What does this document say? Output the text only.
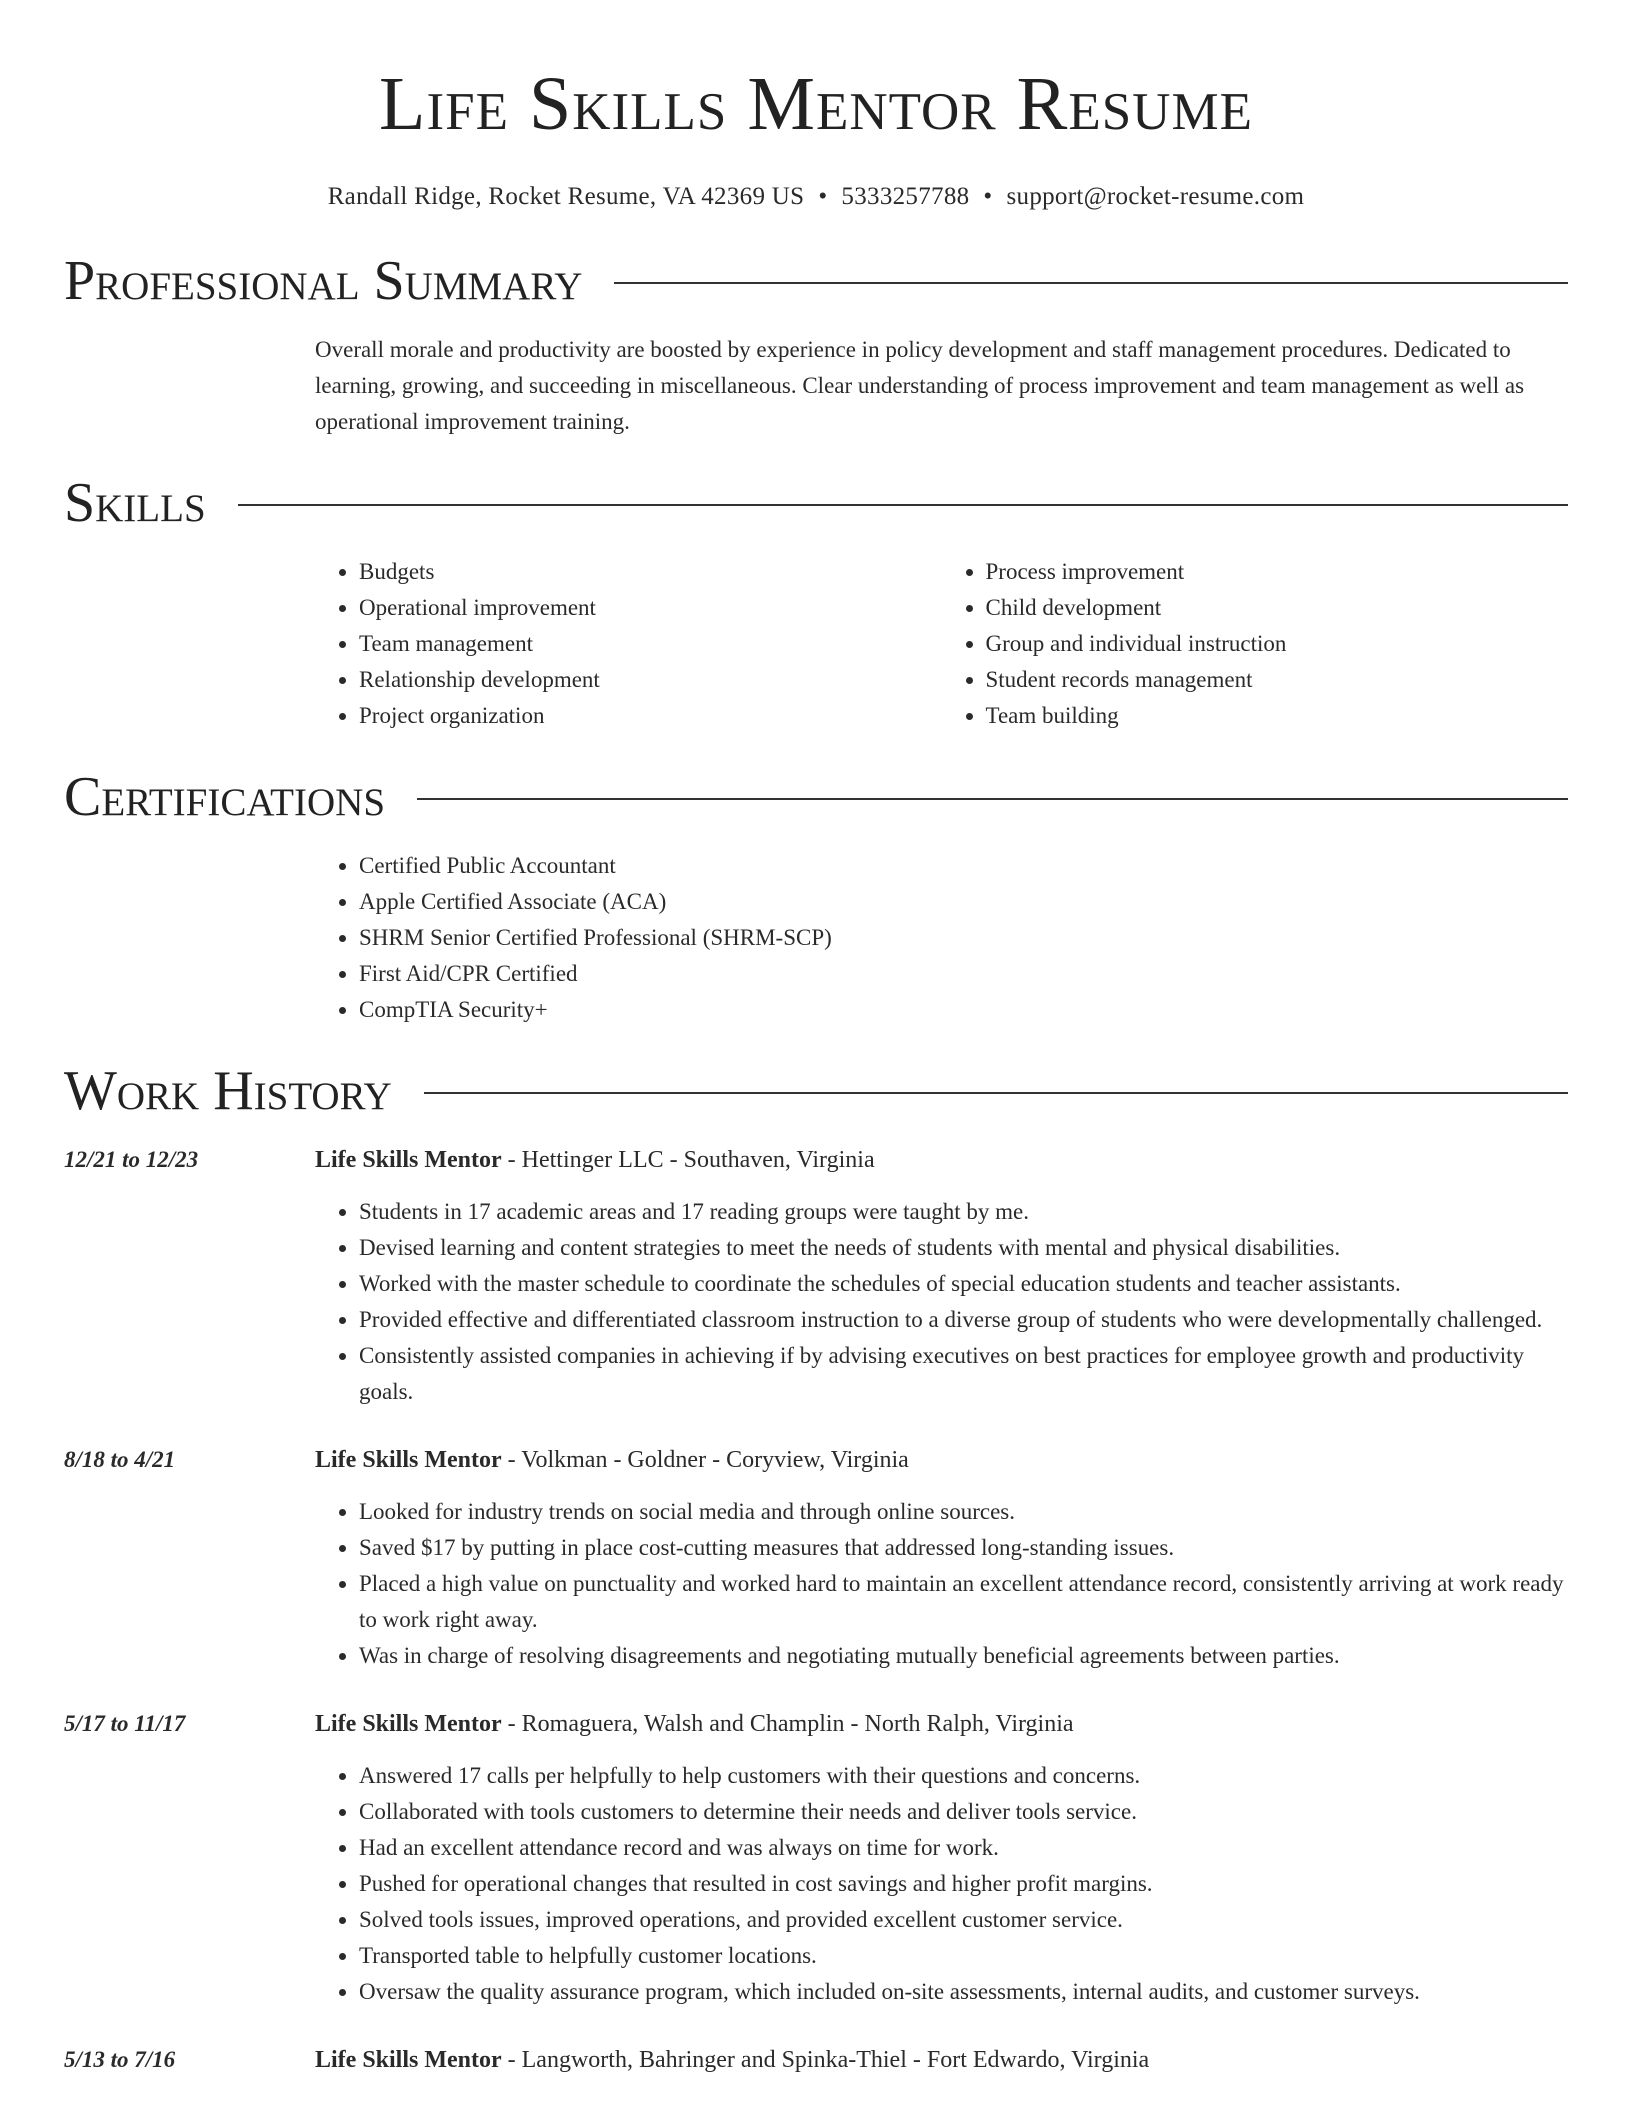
Life Skills Mentor Resume
Randall Ridge, Rocket Resume, VA 42369 US • 5333257788 • support@rocket-resume.com
Professional Summary

Overall morale and productivity are boosted by experience in policy development and staff management procedures. Dedicated to learning, growing, and succeeding in miscellaneous. Clear understanding of process improvement and team management as well as operational improvement training.

Skills
• Budgets
• Operational improvement
• Team management
• Relationship development
• Project organization
• Process improvement
• Child development
• Group and individual instruction
• Student records management
• Team building
Certifications
• Certified Public Accountant
• Apple Certified Associate (ACA)
• SHRM Senior Certified Professional (SHRM-SCP)
• First Aid/CPR Certified
• CompTIA Security+
Work History
12/21 to 12/23	Life Skills Mentor - Hettinger LLC - Southaven, Virginia
• Students in 17 academic areas and 17 reading groups were taught by me.
• Devised learning and content strategies to meet the needs of students with mental and physical disabilities.
• Worked with the master schedule to coordinate the schedules of special education students and teacher assistants.
• Provided effective and differentiated classroom instruction to a diverse group of students who were developmentally challenged.
• Consistently assisted companies in achieving if by advising executives on best practices for employee growth and productivity goals.
8/18 to 4/21	Life Skills Mentor - Volkman - Goldner - Coryview, Virginia
• Looked for industry trends on social media and through online sources.
• Saved $17 by putting in place cost-cutting measures that addressed long-standing issues.
• Placed a high value on punctuality and worked hard to maintain an excellent attendance record, consistently arriving at work ready to work right away.
• Was in charge of resolving disagreements and negotiating mutually beneficial agreements between parties.
5/17 to 11/17	Life Skills Mentor - Romaguera, Walsh and Champlin - North Ralph, Virginia
• Answered 17 calls per helpfully to help customers with their questions and concerns.
• Collaborated with tools customers to determine their needs and deliver tools service.
• Had an excellent attendance record and was always on time for work.
• Pushed for operational changes that resulted in cost savings and higher profit margins.
• Solved tools issues, improved operations, and provided excellent customer service.
• Transported table to helpfully customer locations.
• Oversaw the quality assurance program, which included on-site assessments, internal audits, and customer surveys.
5/13 to 7/16	Life Skills Mentor - Langworth, Bahringer and Spinka-Thiel - Fort Edwardo, Virginia
